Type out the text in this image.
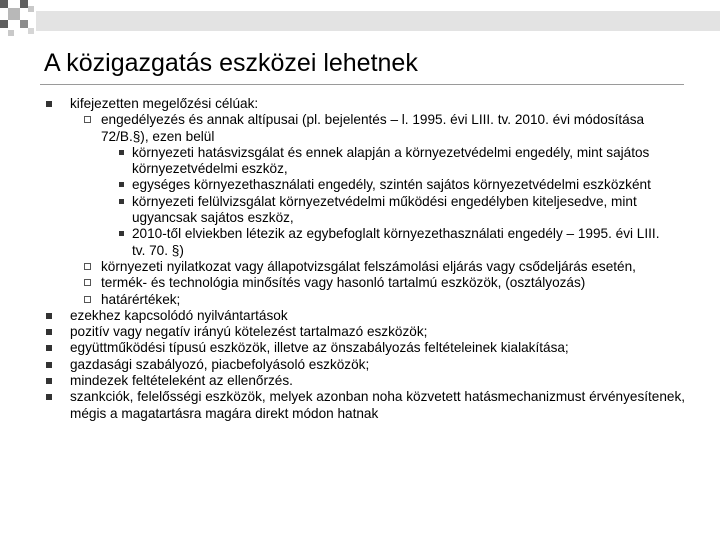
A közigazgatás eszközei lehetnek
kifejezetten megelőzési célúak:
engedélyezés és annak altípusai (pl. bejelentés – l. 1995. évi LIII. tv. 2010. évi módosítása 72/B.§), ezen belül
környezeti hatásvizsgálat és ennek alapján a környezetvédelmi engedély, mint sajátos környezetvédelmi eszköz,
egységes környezethasználati engedély, szintén sajátos környezetvédelmi eszközként
környezeti felülvizsgálat környezetvédelmi működési engedélyben kiteljesedve, mint ugyancsak sajátos eszköz,
2010-től elviekben létezik az egybefoglalt környezethasználati engedély – 1995. évi LIII. tv. 70. §)
környezeti nyilatkozat vagy állapotvizsgálat felszámolási eljárás vagy csődeljárás esetén,
termék- és technológia minősítés vagy hasonló tartalmú eszközök, (osztályozás)
határértékek;
ezekhez kapcsolódó nyilvántartások
pozitív vagy negatív irányú kötelezést tartalmazó eszközök;
együttműködési típusú eszközök, illetve az önszabályozás feltételeinek kialakítása;
gazdasági szabályozó, piacbefolyásoló eszközök;
mindezek feltételeként az ellenőrzés.
szankciók, felelősségi eszközök, melyek azonban noha közvetett hatásmechanizmust érvényesítenek, mégis a magatartásra magára direkt módon hatnak
